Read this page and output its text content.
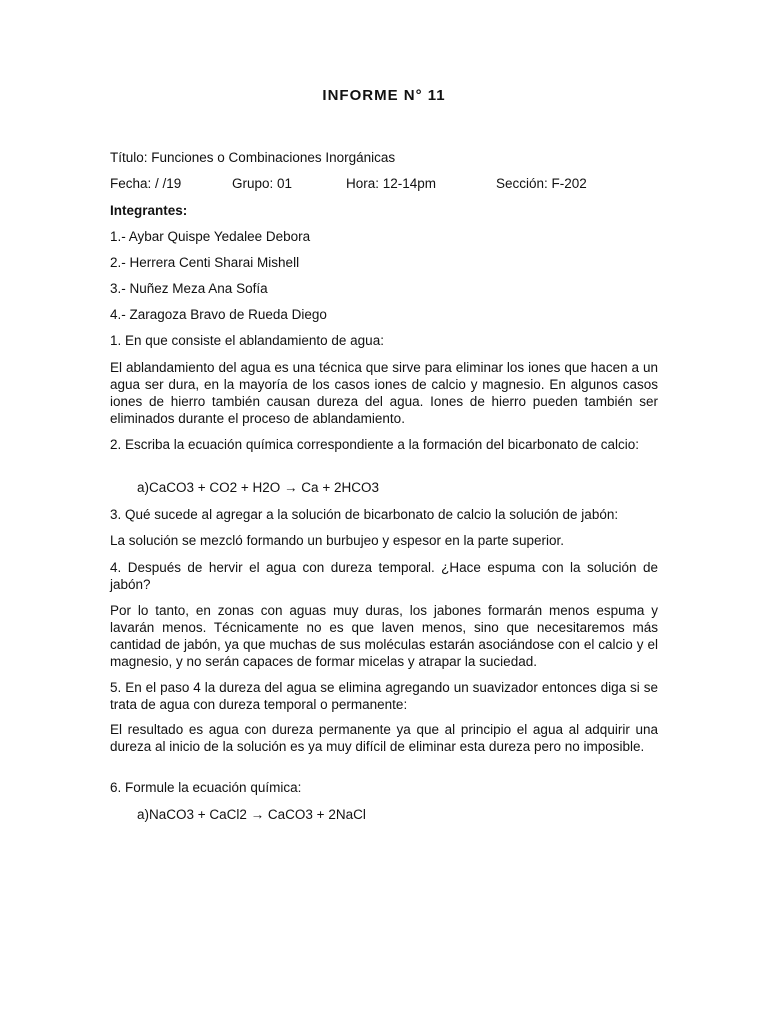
INFORME N° 11
Título: Funciones o Combinaciones Inorgánicas
Fecha: / /19	Grupo: 01	Hora: 12-14pm	Sección: F-202
Integrantes:
1.- Aybar Quispe Yedalee Debora
2.- Herrera Centi Sharai Mishell
3.- Nuñez Meza Ana Sofía
4.- Zaragoza Bravo de Rueda Diego
1. En que consiste el ablandamiento de agua:
El ablandamiento del agua es una técnica que sirve para eliminar los iones que hacen a un agua ser dura, en la mayoría de los casos iones de calcio y magnesio. En algunos casos iones de hierro también causan dureza del agua. Iones de hierro pueden también ser eliminados durante el proceso de ablandamiento.
2. Escriba la ecuación química correspondiente a la formación del bicarbonato de calcio:
a)CaCO3 + CO2 + H2O → Ca + 2HCO3
3. Qué sucede al agregar a la solución de bicarbonato de calcio la solución de jabón:
La solución se mezcló formando un burbujeo y espesor en la parte superior.
4. Después de hervir el agua con dureza temporal. ¿Hace espuma con la solución de jabón?
Por lo tanto, en zonas con aguas muy duras, los jabones formarán menos espuma y lavarán menos. Técnicamente no es que laven menos, sino que necesitaremos más cantidad de jabón, ya que muchas de sus moléculas estarán asociándose con el calcio y el magnesio, y no serán capaces de formar micelas y atrapar la suciedad.
5. En el paso 4 la dureza del agua se elimina agregando un suavizador entonces diga si se trata de agua con dureza temporal o permanente:
El resultado es agua con dureza permanente ya que al principio el agua al adquirir una dureza al inicio de la solución es ya muy difícil de eliminar esta dureza pero no imposible.
6. Formule la ecuación química:
a)NaCO3 + CaCl2 → CaCO3 + 2NaCl
